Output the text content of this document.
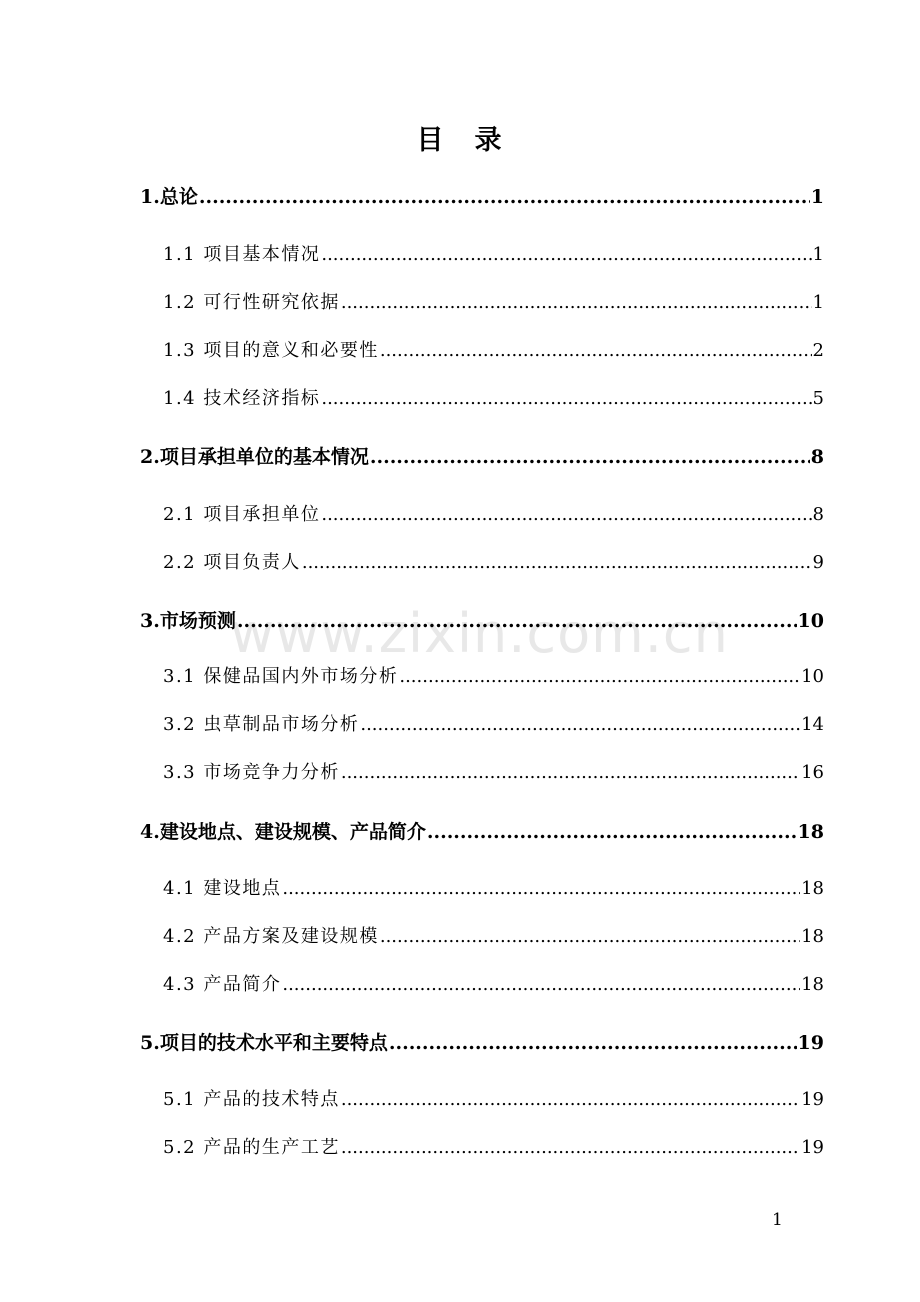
www.zixin.com.cn
目　录
1.总论 .....	1
1.1 项目基本情况 .....	1
1.2 可行性研究依据 .....	1
1.3 项目的意义和必要性 .....	2
1.4 技术经济指标 .....	5
2.项目承担单位的基本情况 .....	8
2.1 项目承担单位 .....	8
2.2 项目负责人 .....	9
3.市场预测 .....	10
3.1 保健品国内外市场分析 .....	10
3.2 虫草制品市场分析 .....	14
3.3 市场竞争力分析 .....	16
4.建设地点、建设规模、产品简介 .....	18
4.1 建设地点 .....	18
4.2 产品方案及建设规模 .....	18
4.3 产品简介 .....	18
5.项目的技术水平和主要特点 .....	19
5.1 产品的技术特点 .....	19
5.2 产品的生产工艺 .....	19
1
